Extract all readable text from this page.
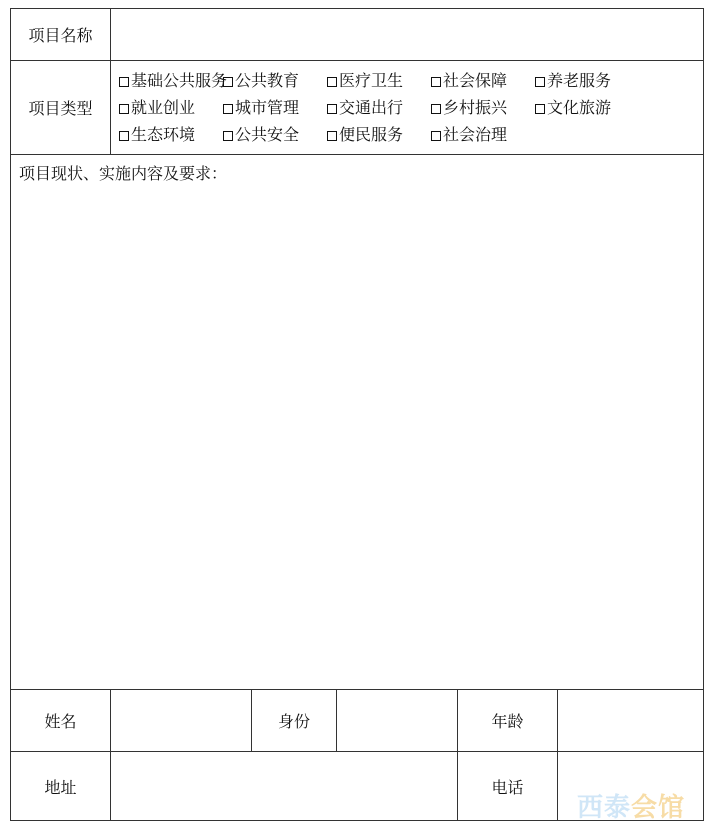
项目名称					
项目类型	基础公共服务 公共教育 医疗卫生 社会保障 养老服务
就业创业 城市管理 交通出行 乡村振兴 文化旅游
生态环境 公共安全 便民服务 社会治理				
项目现状、实施内容及要求：					
姓名		身份		年龄	
地址				电话	
西泰会馆
